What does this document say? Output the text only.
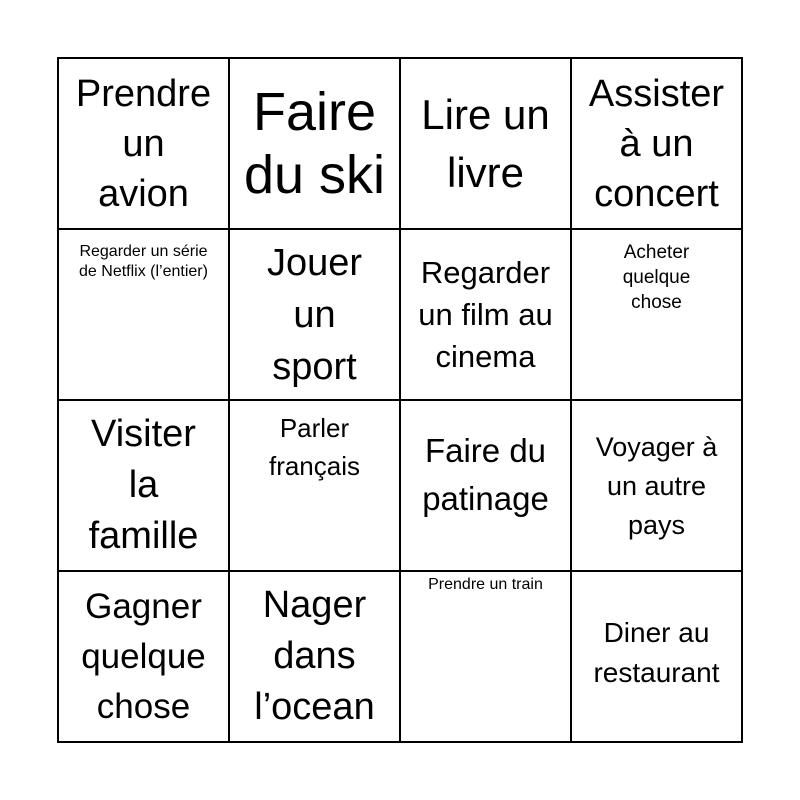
Prendre
un
avion
Faire
du ski
Lire un
livre
Assister
à un
concert
Regarder un série
de Netflix (l’entier) Jouer
un
sport
Regarder
un film au
cinema
Acheter
quelque
chose
Visiter
la
famille
Parler
français Faire du
patinage
Voyager à
un autre
pays
Gagner
quelque
chose
Nager
dans
l’ocean
Prendre un train
Diner au
restaurant
